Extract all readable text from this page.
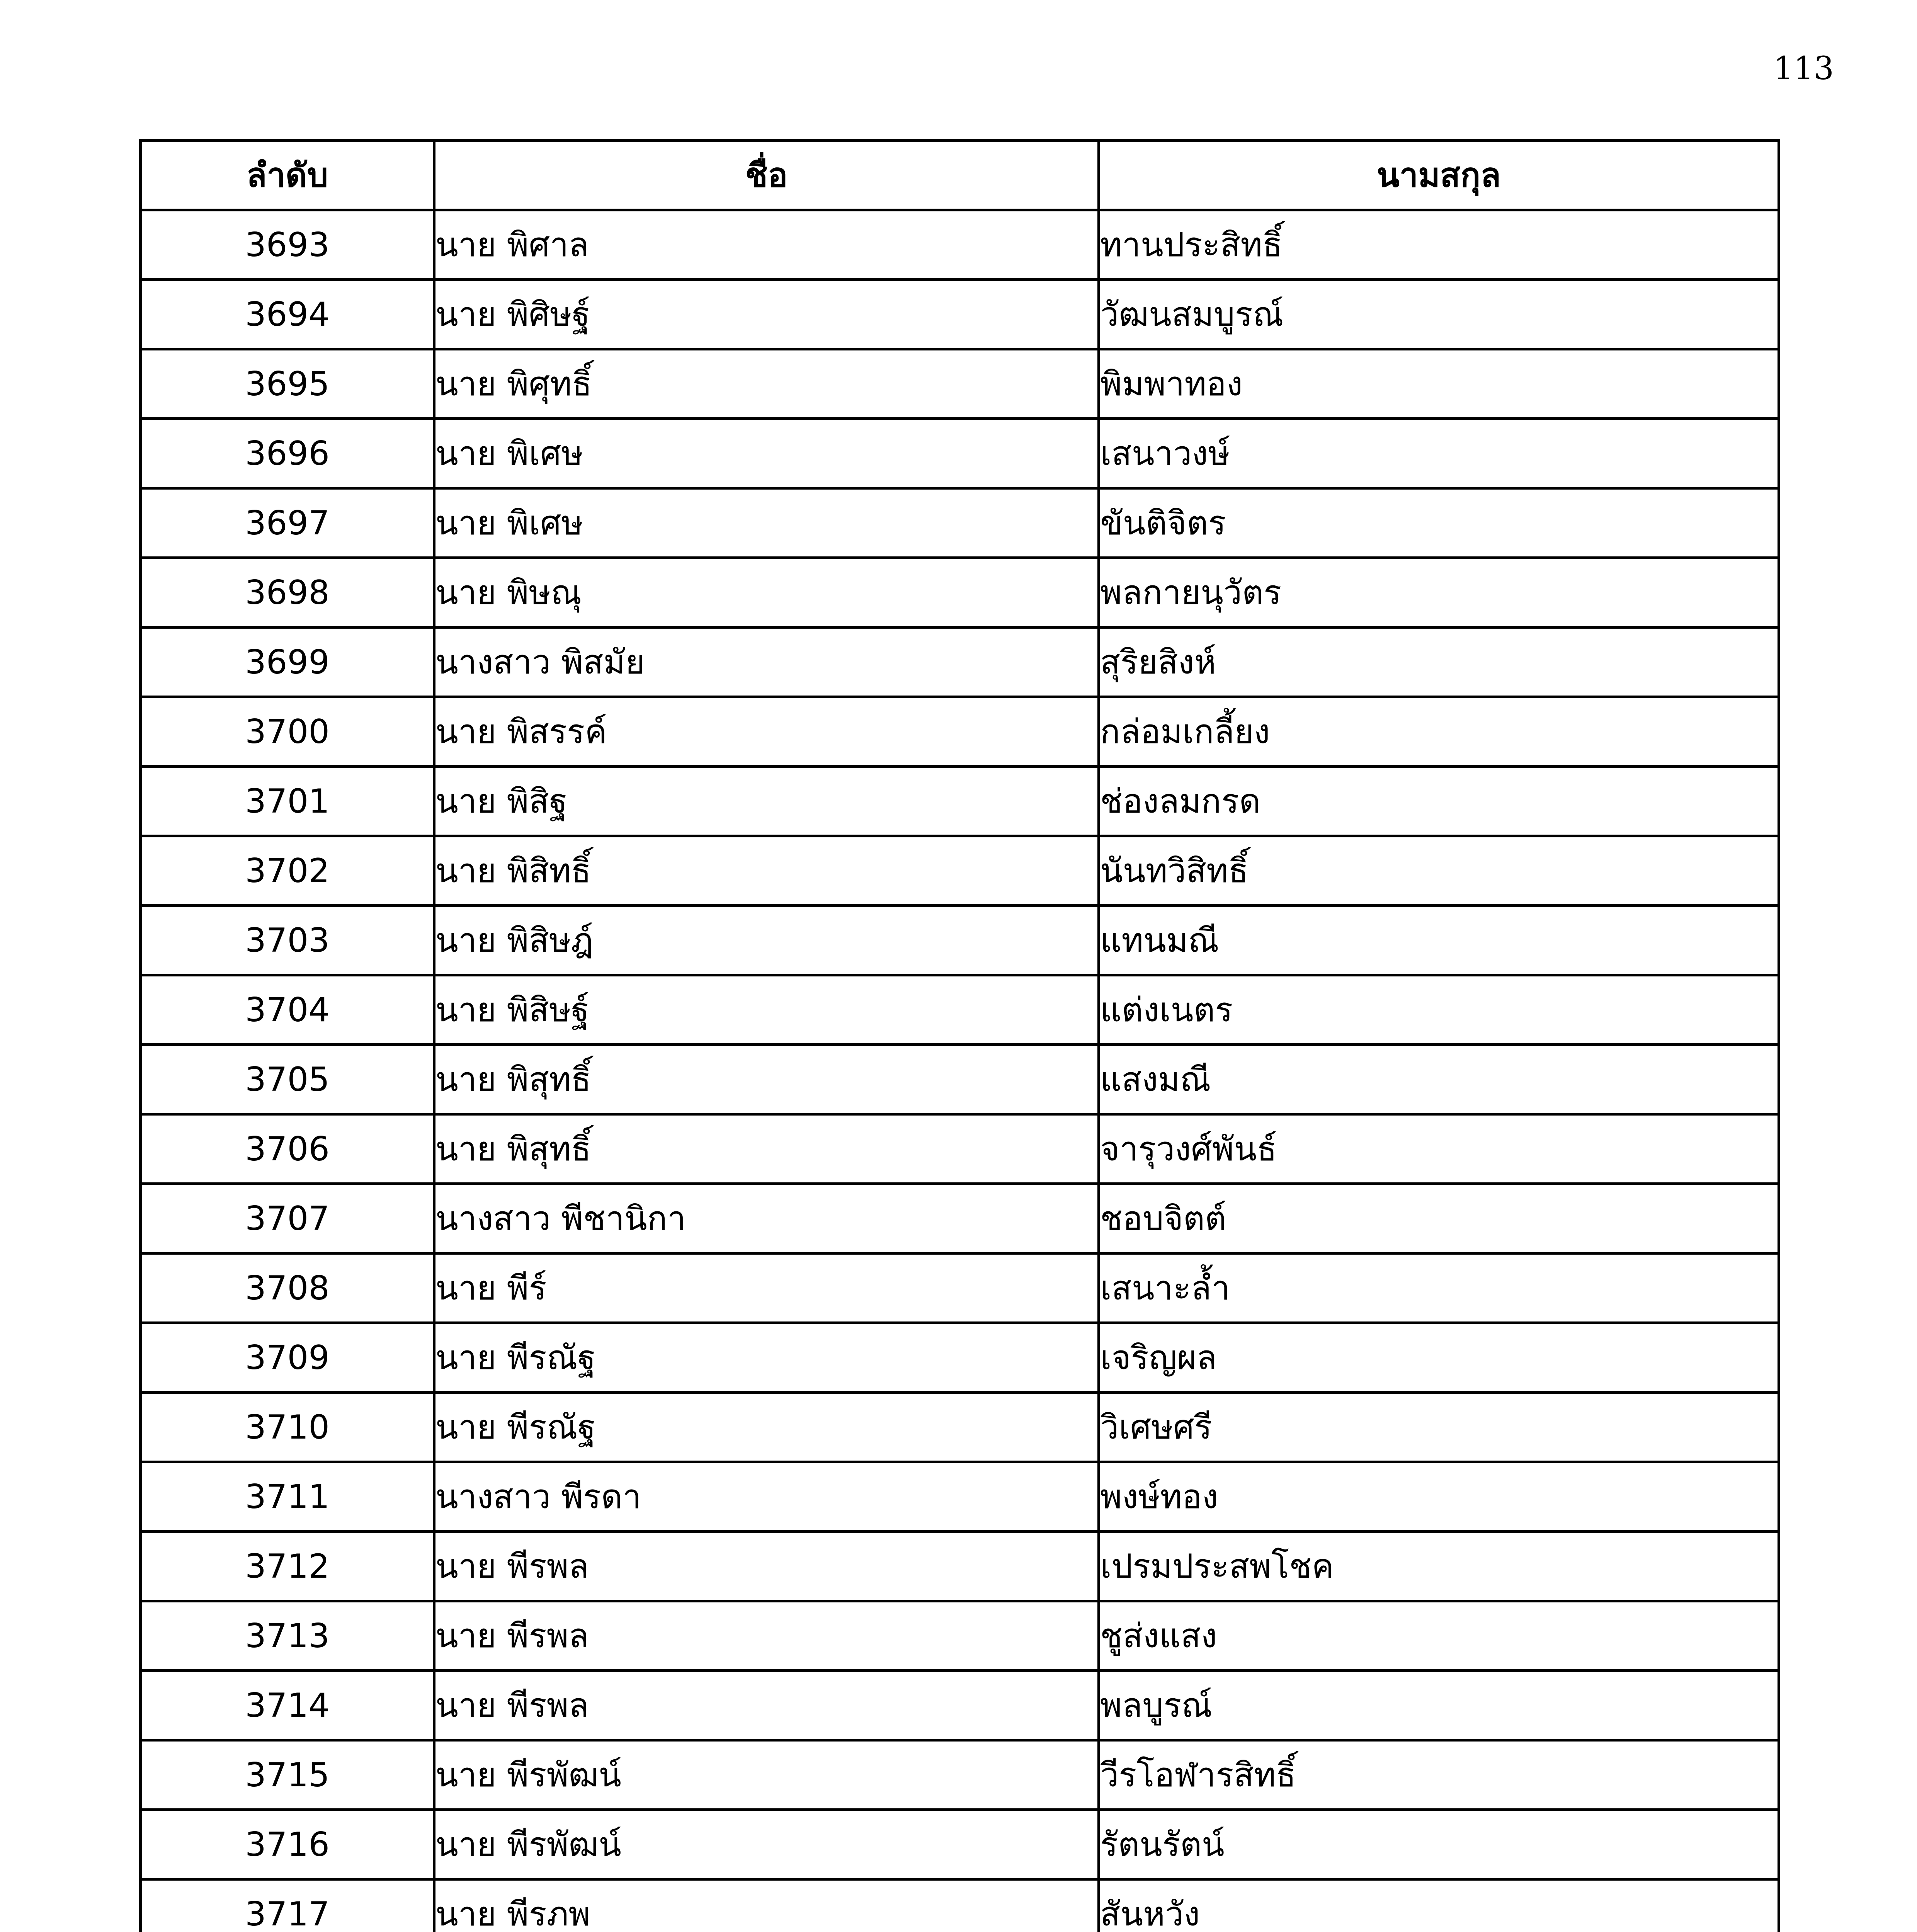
113
ลำดับ	ชื่อ	นามสกุล
3693	นาย พิศาล	ทานประสิทธิ์
3694	นาย พิศิษฐ์	วัฒนสมบูรณ์
3695	นาย พิศุทธิ์	พิมพาทอง
3696	นาย พิเศษ	เสนาวงษ์
3697	นาย พิเศษ	ขันติจิตร
3698	นาย พิษณุ	พลกายนุวัตร
3699	นางสาว พิสมัย	สุริยสิงห์
3700	นาย พิสรรค์	กล่อมเกลี้ยง
3701	นาย พิสิฐ	ช่องลมกรด
3702	นาย พิสิทธิ์	นันทวิสิทธิ์
3703	นาย พิสิษฎ์	แทนมณี
3704	นาย พิสิษฐ์	แต่งเนตร
3705	นาย พิสุทธิ์	แสงมณี
3706	นาย พิสุทธิ์	จารุวงศ์พันธ์
3707	นางสาว พีชานิกา	ชอบจิตต์
3708	นาย พีร์	เสนาะล้ำ
3709	นาย พีรณัฐ	เจริญผล
3710	นาย พีรณัฐ	วิเศษศรี
3711	นางสาว พีรดา	พงษ์ทอง
3712	นาย พีรพล	เปรมประสพโชค
3713	นาย พีรพล	ชูส่งแสง
3714	นาย พีรพล	พลบูรณ์
3715	นาย พีรพัฒน์	วีรโอฬารสิทธิ์
3716	นาย พีรพัฒน์	รัตนรัตน์
3717	นาย พีรภพ	สันหวัง
